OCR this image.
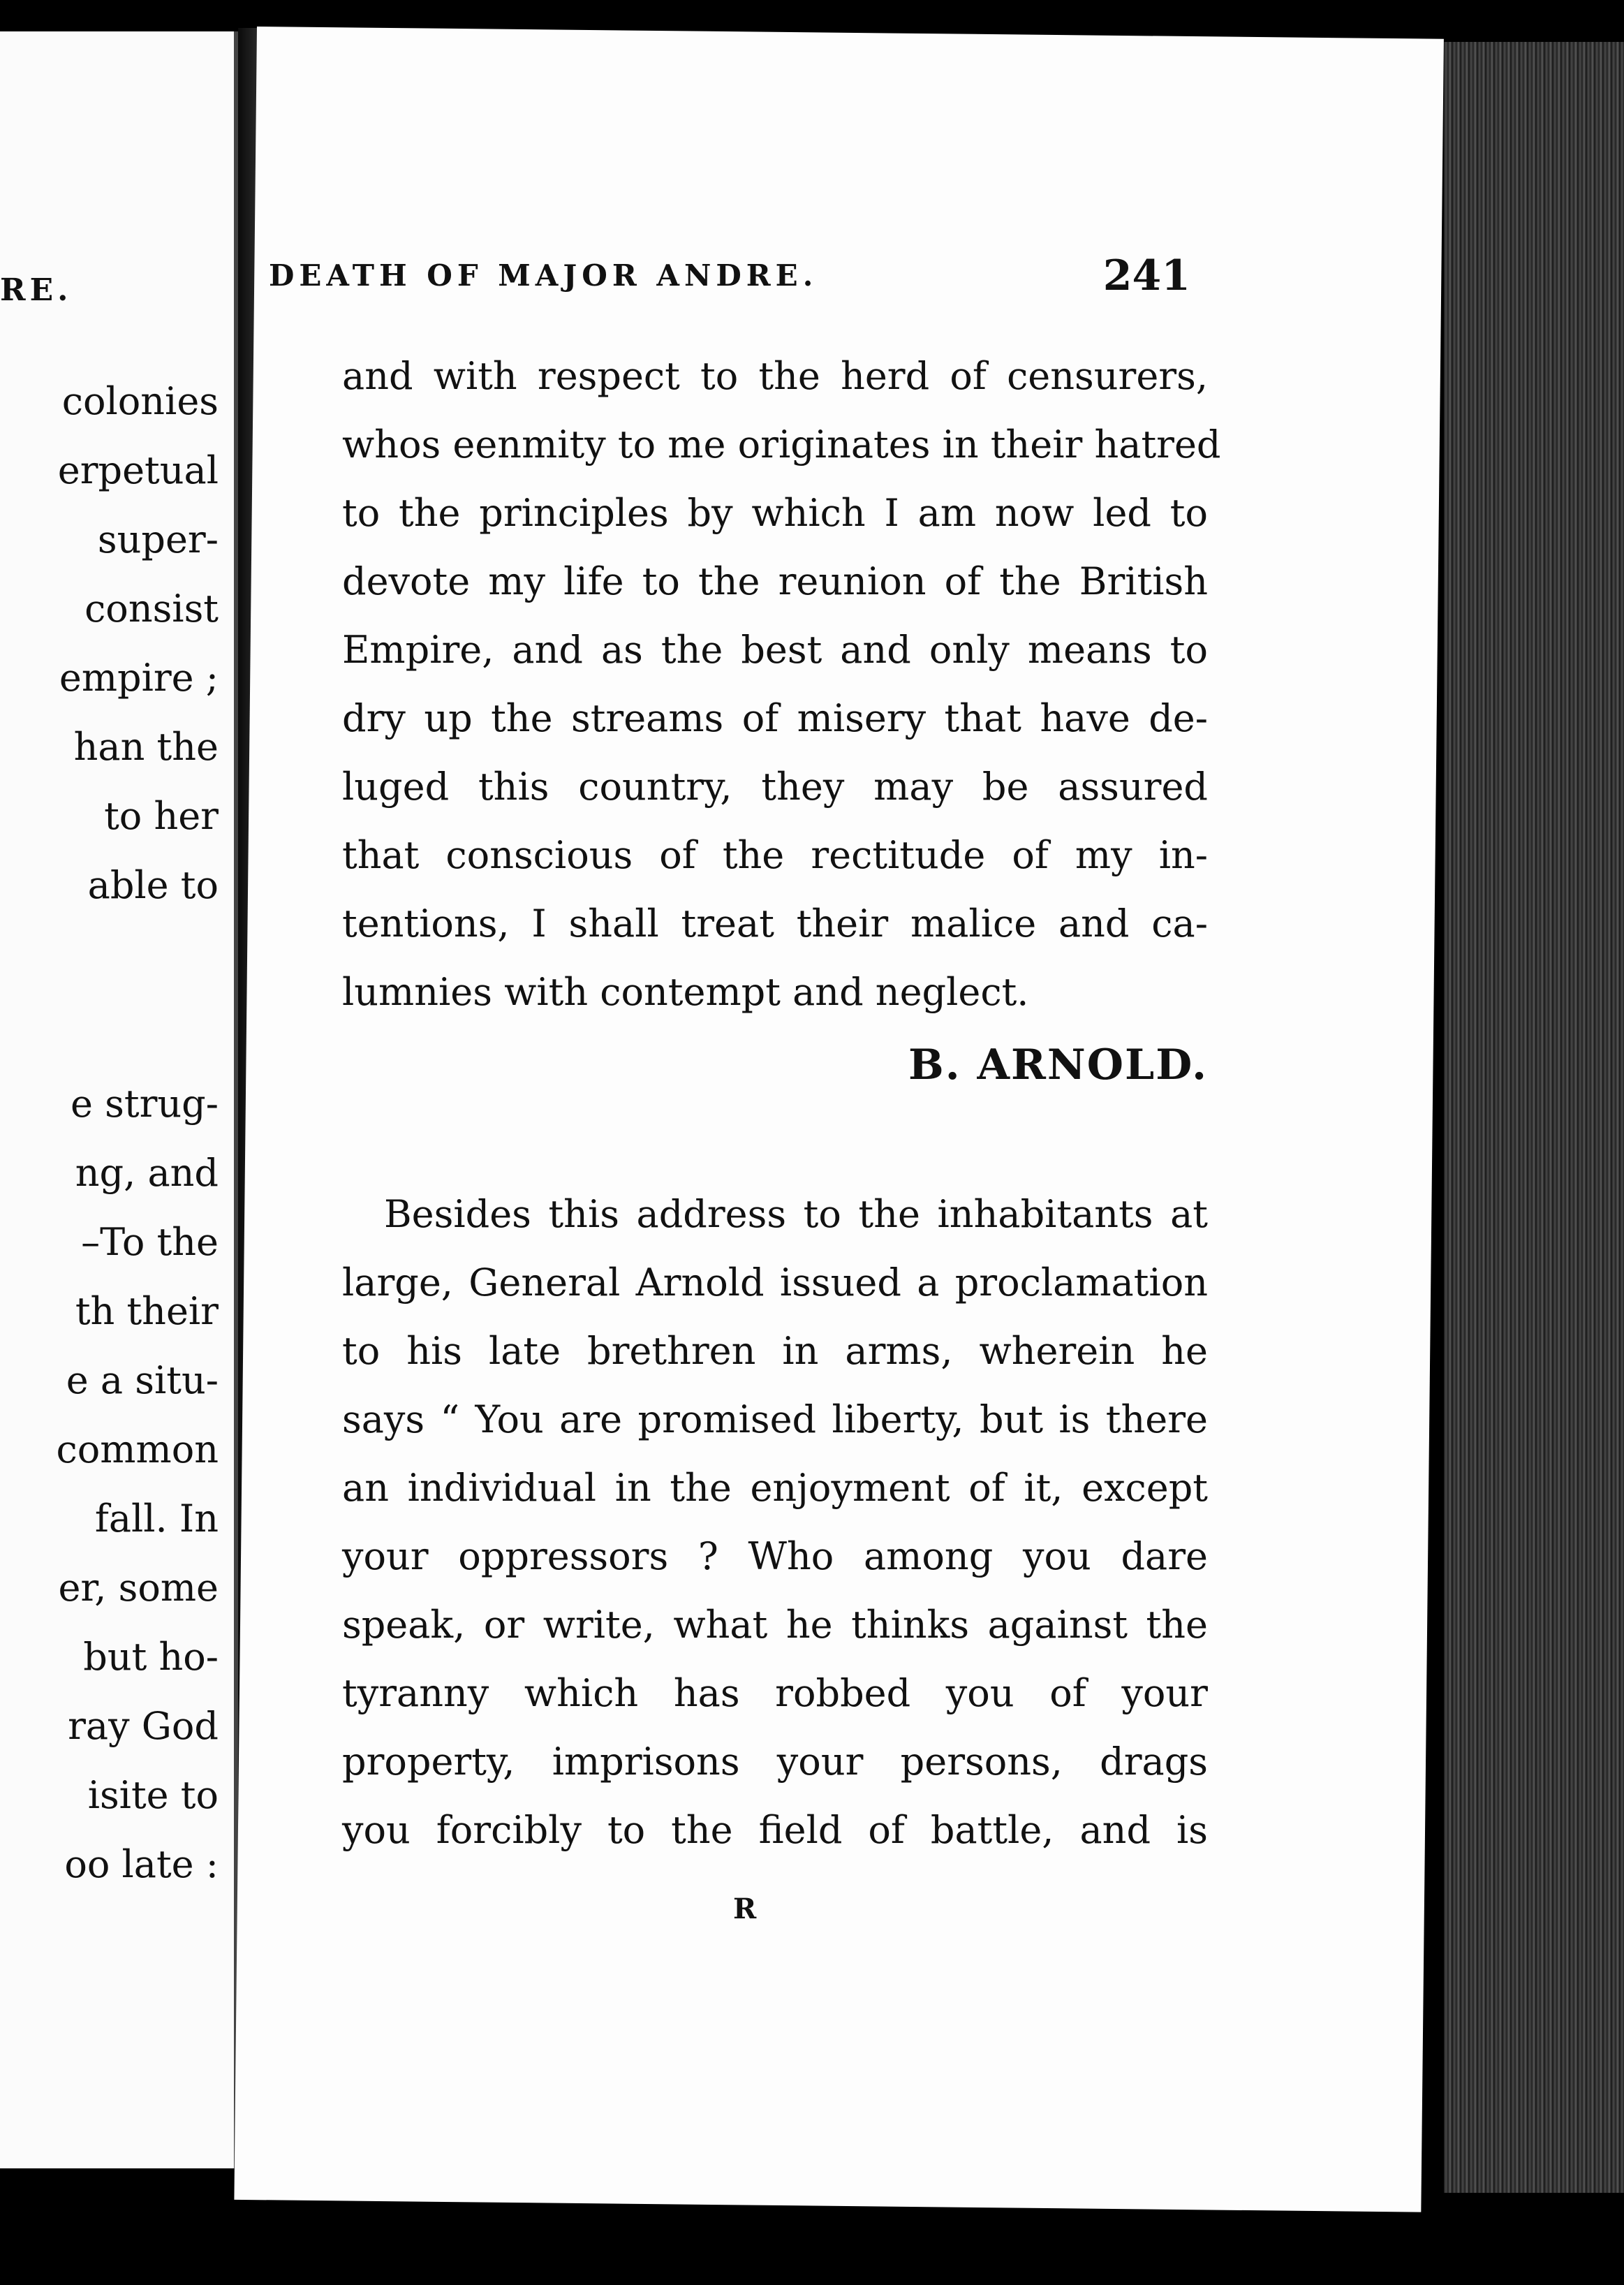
RE.
colonies
erpetual
super-
consist
empire ;
han the
to her
able to
e strug-
ng, and
–To the
th their
e a situ-
common
fall. In
er, some
but ho-
ray God
isite to
oo late :
DEATH OF MAJOR ANDRE.	241
and with respect to the herd of censurers,
whos eenmity to me originates in their hatred
to the principles by which I am now led to
devote my life to the reunion of the British
Empire, and as the best and only means to
dry up the streams of misery that have de-
luged this country, they may be assured
that conscious of the rectitude of my in-
tentions, I shall treat their malice and ca-
lumnies with contempt and neglect.
B. ARNOLD.
Besides this address to the inhabitants at
large, General Arnold issued a proclamation
to his late brethren in arms, wherein he
says “ You are promised liberty, but is there
an individual in the enjoyment of it, except
your oppressors ? Who among you dare
speak, or write, what he thinks against the
tyranny which has robbed you of your
property, imprisons your persons, drags
you forcibly to the field of battle, and is
R
